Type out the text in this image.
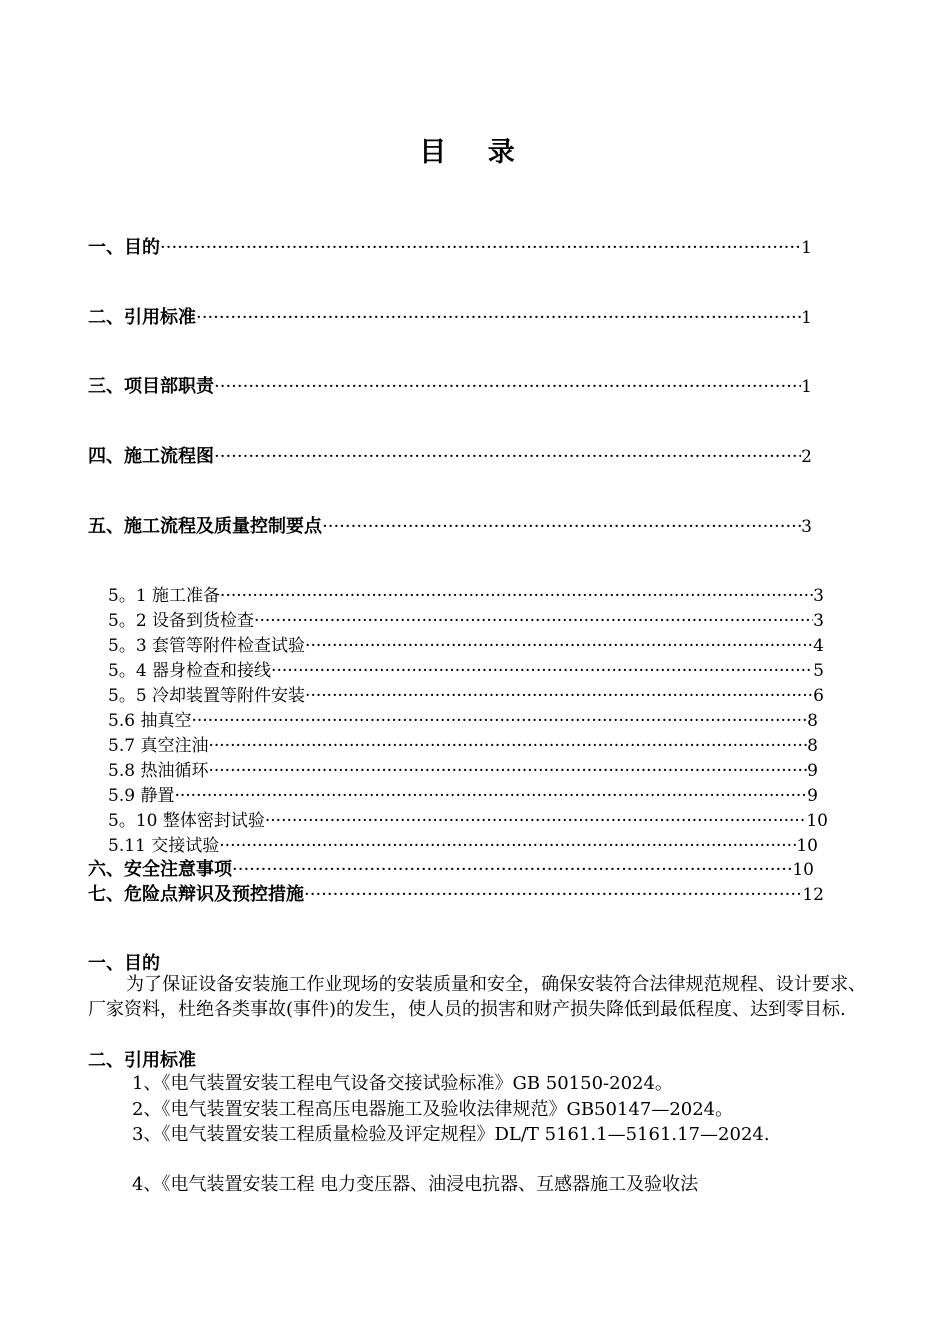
目 录
一、目的 ·····	1
二、引用标准 ·····	1
三、项目部职责 ·····	1
四、施工流程图 ·····	2
五、施工流程及质量控制要点 ·····	3
5。1 施工准备 ·····	3
5。2 设备到货检查 ·····	3
5。3 套管等附件检查试验 ·····	4
5。4 器身检查和接线 ·····	5
5。5 冷却装置等附件安装 ·····	6
5.6 抽真空 ·····	8
5.7 真空注油 ·····	8
5.8 热油循环 ·····	9
5.9 静置 ·····	9
5。10 整体密封试验 ·····	10
5.11 交接试验 ·····	10
六、安全注意事项 ·····	10
七、危险点辩识及预控措施 ·····	12
一、目的
为了保证设备安装施工作业现场的安装质量和安全，确保安装符合法律规范规程、设计要求、厂家资料，杜绝各类事故(事件)的发生，使人员的损害和财产损失降低到最低程度、达到零目标.
二、引用标准
1、《电气装置安装工程电气设备交接试验标准》GB 50150-2024。
2、《电气装置安装工程高压电器施工及验收法律规范》GB50147—2024。
3、《电气装置安装工程质量检验及评定规程》DL/T 5161.1—5161.17—2024.
4、《电气装置安装工程 电力变压器、油浸电抗器、互感器施工及验收法
